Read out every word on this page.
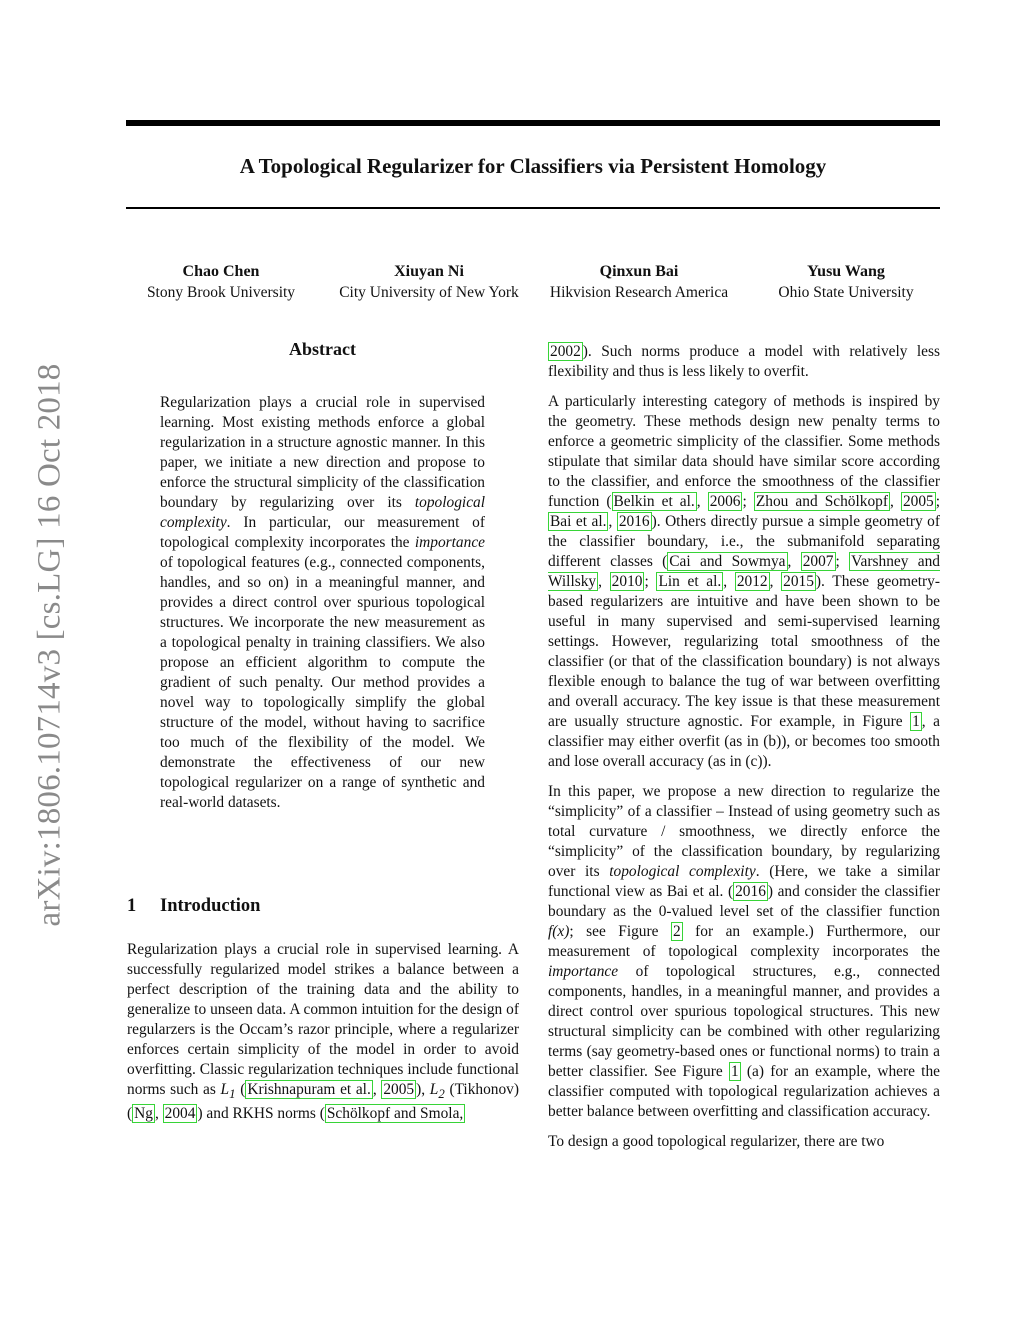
A Topological Regularizer for Classifiers via Persistent Homology
Chao Chen
Stony Brook University
Xiuyan Ni
City University of New York
Qinxun Bai
Hikvision Research America
Yusu Wang
Ohio State University
arXiv:1806.10714v3 [cs.LG] 16 Oct 2018
Abstract

Regularization plays a crucial role in supervised learning. Most existing methods enforce a global regularization in a structure agnostic manner. In this paper, we initiate a new direction and propose to enforce the structural simplicity of the classification boundary by regularizing over its topological complexity. In particular, our measurement of topological complexity incorporates the importance of topological features (e.g., connected components, handles, and so on) in a meaningful manner, and provides a direct control over spurious topological structures. We incorporate the new measurement as a topological penalty in training classifiers. We also propose an efficient algorithm to compute the gradient of such penalty. Our method provides a novel way to topologically simplify the global structure of the model, without having to sacrifice too much of the flexibility of the model. We demonstrate the effectiveness of our new topological regularizer on a range of synthetic and real-world datasets.

1 Introduction

Regularization plays a crucial role in supervised learning. A successfully regularized model strikes a balance between a perfect description of the training data and the ability to generalize to unseen data. A common intuition for the design of regularzers is the Occam’s razor principle, where a regularizer enforces certain simplicity of the model in order to avoid overfitting. Classic regularization techniques include functional norms such as $L_1$ ( Krishnapuram et al. , 2005 ), $L_2$ (Tikhonov) ( Ng , 2004 ) and RKHS norms ( Schölkopf and Smola,

2002 ). Such norms produce a model with relatively less flexibility and thus is less likely to overfit.

A particularly interesting category of methods is inspired by the geometry. These methods design new penalty terms to enforce a geometric simplicity of the classifier. Some methods stipulate that similar data should have similar score according to the classifier, and enforce the smoothness of the classifier function ( Belkin et al. , 2006 ; Zhou and Schölkopf , 2005 ; Bai et al. , 2016 ). Others directly pursue a simple geometry of the classifier boundary, i.e., the submanifold separating different classes ( Cai and Sowmya , 2007 ; Varshney and Willsky , 2010 ; Lin et al. , 2012 , 2015 ). These geometry-based regularizers are intuitive and have been shown to be useful in many supervised and semi-supervised learning settings. However, regularizing total smoothness of the classifier (or that of the classification boundary) is not always flexible enough to balance the tug of war between overfitting and overall accuracy. The key issue is that these measurement are usually structure agnostic. For example, in Figure 1 , a classifier may either overfit (as in (b)), or becomes too smooth and lose overall accuracy (as in (c)).

In this paper, we propose a new direction to regularize the “simplicity” of a classifier – Instead of using geometry such as total curvature / smoothness, we directly enforce the “simplicity” of the classification boundary, by regularizing over its topological complexity. (Here, we take a similar functional view as Bai et al. ( 2016 ) and consider the classifier boundary as the 0-valued level set of the classifier function f(x); see Figure 2 for an example.) Furthermore, our measurement of topological complexity incorporates the importance of topological structures, e.g., connected components, handles, in a meaningful manner, and provides a direct control over spurious topological structures. This new structural simplicity can be combined with other regularizing terms (say geometry-based ones or functional norms) to train a better classifier. See Figure 1 (a) for an example, where the classifier computed with topological regularization achieves a better balance between overfitting and classification accuracy.

To design a good topological regularizer, there are two
